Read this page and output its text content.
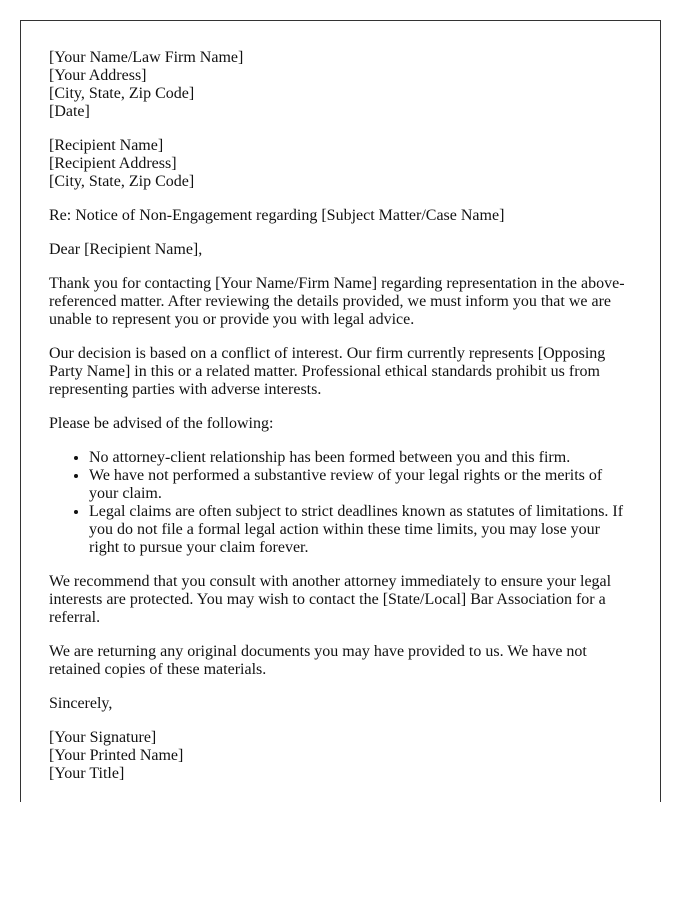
[Your Name/Law Firm Name]
[Your Address]
[City, State, Zip Code]
[Date]

[Recipient Name]
[Recipient Address]
[City, State, Zip Code]

Re: Notice of Non-Engagement regarding [Subject Matter/Case Name]

Dear [Recipient Name],

Thank you for contacting [Your Name/Firm Name] regarding representation in the above-referenced matter. After reviewing the details provided, we must inform you that we are unable to represent you or provide you with legal advice.

Our decision is based on a conflict of interest. Our firm currently represents [Opposing Party Name] in this or a related matter. Professional ethical standards prohibit us from representing parties with adverse interests.

Please be advised of the following:

• No attorney-client relationship has been formed between you and this firm.
• We have not performed a substantive review of your legal rights or the merits of your claim.
• Legal claims are often subject to strict deadlines known as statutes of limitations. If you do not file a formal legal action within these time limits, you may lose your right to pursue your claim forever.

We recommend that you consult with another attorney immediately to ensure your legal interests are protected. You may wish to contact the [State/Local] Bar Association for a referral.

We are returning any original documents you may have provided to us. We have not retained copies of these materials.

Sincerely,

[Your Signature]
[Your Printed Name]
[Your Title]
